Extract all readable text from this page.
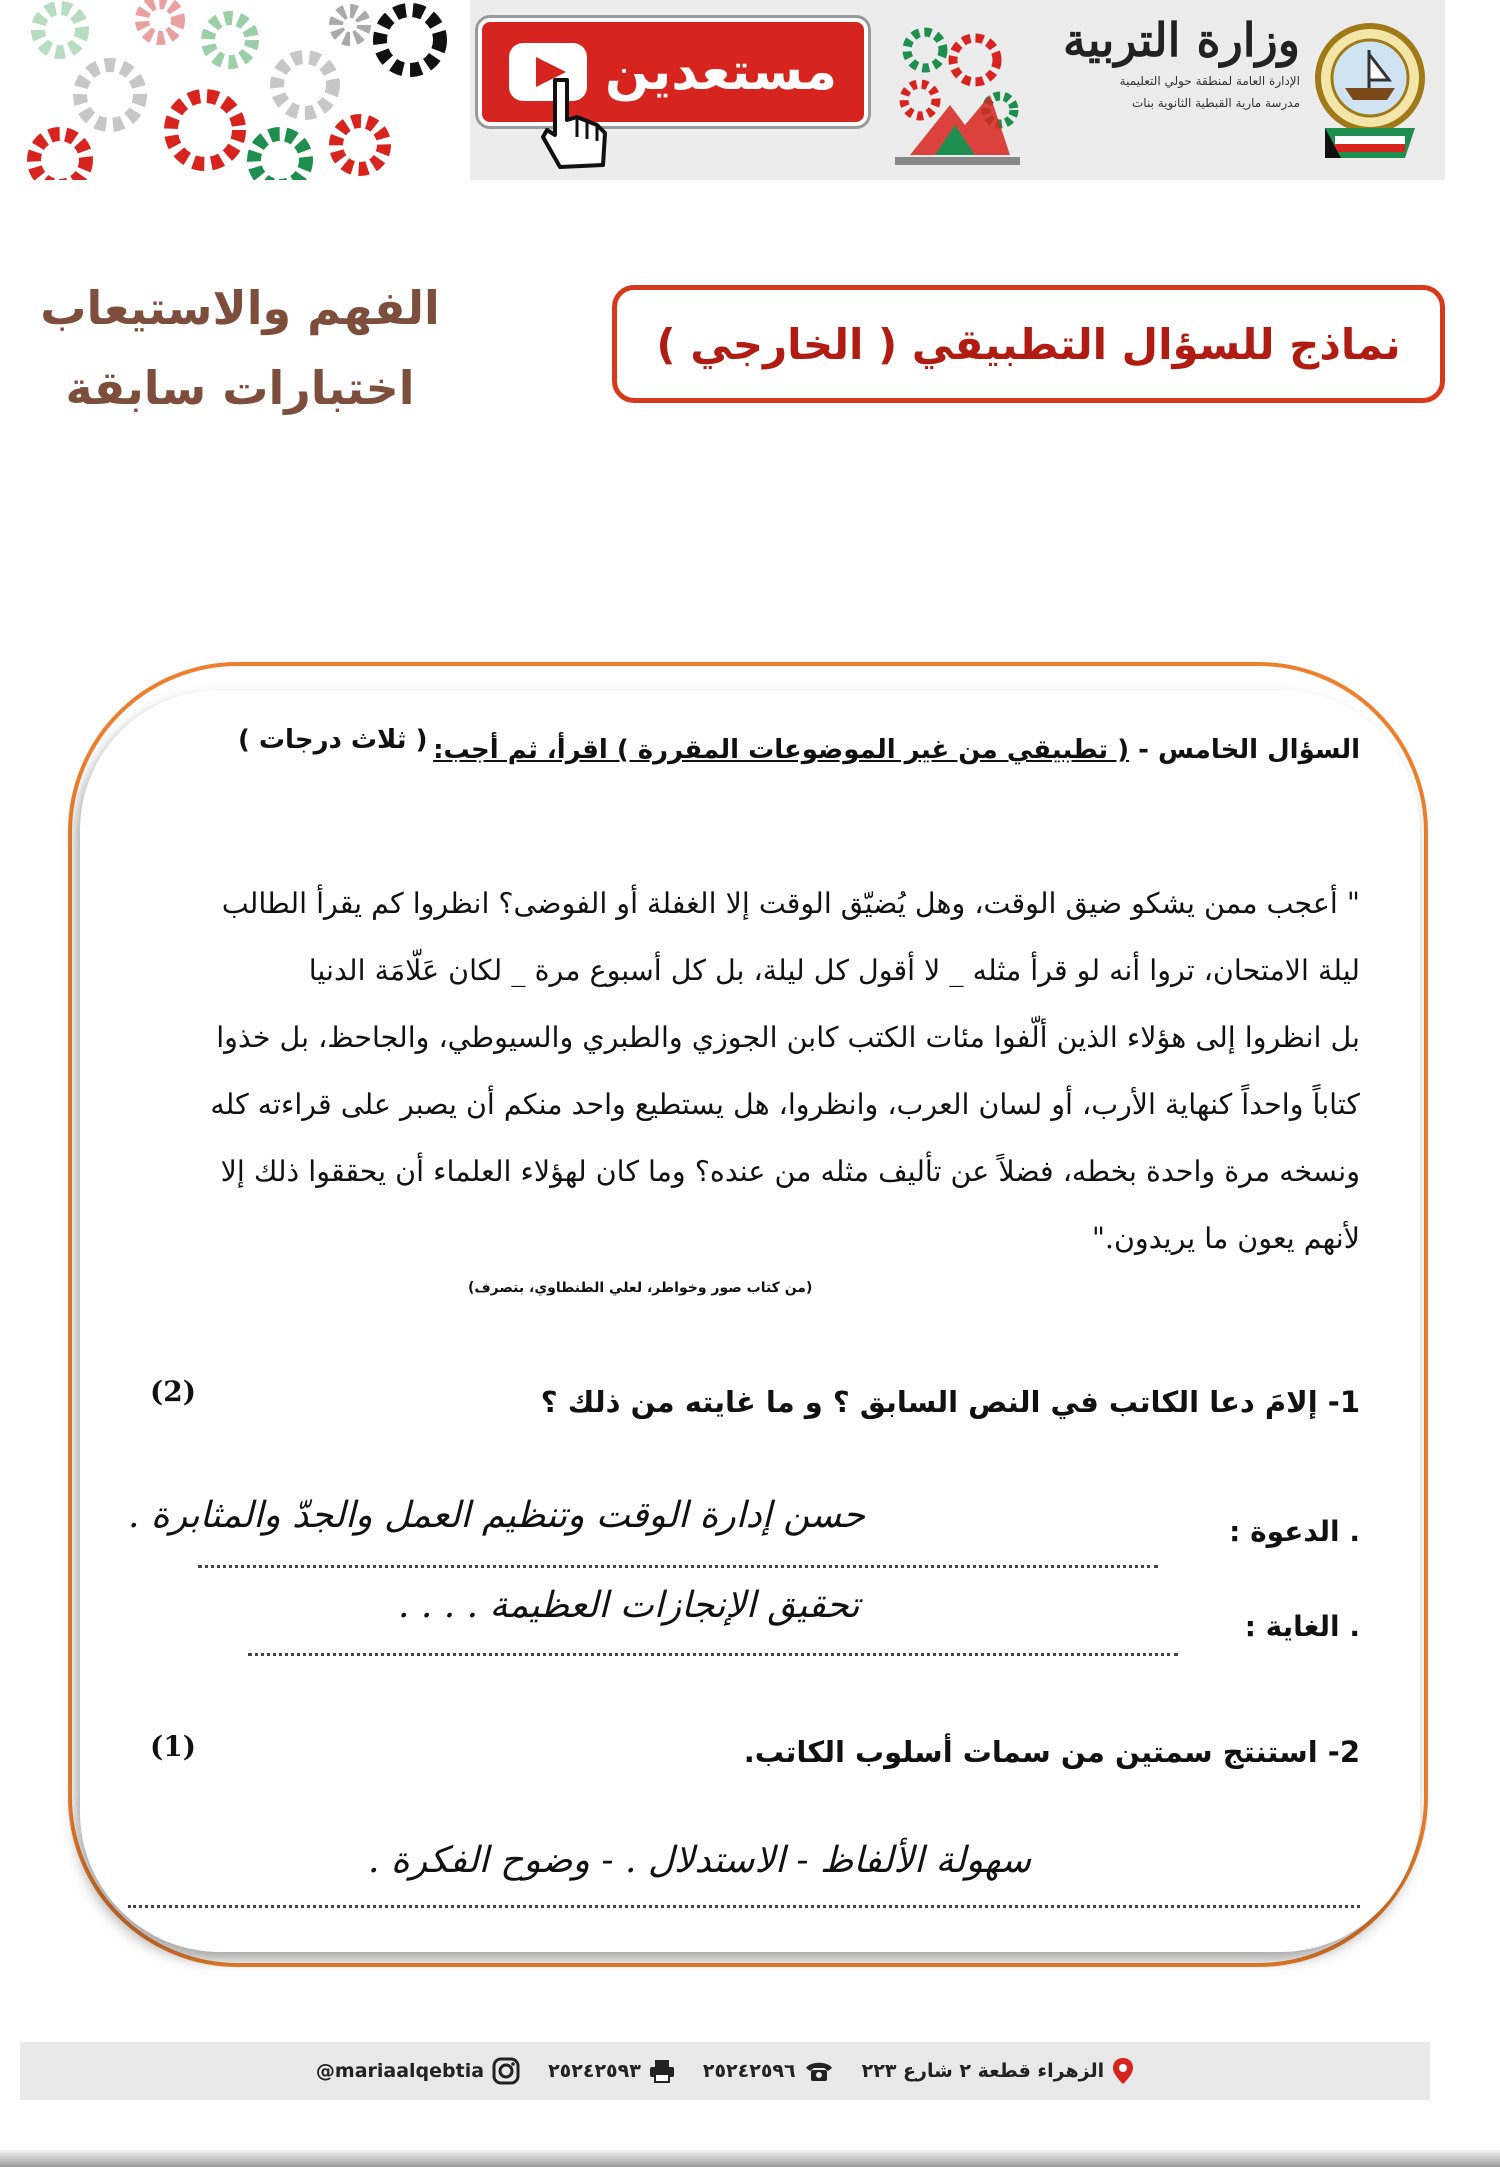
مستعدين
وزارة التربية
الإدارة العامة لمنطقة حولي التعليمية
مدرسة مارية القبطية الثانوية بنات
نماذج للسؤال التطبيقي ( الخارجي )
الفهم والاستيعاب
اختبارات سابقة
السؤال الخامس - ( تطبيقي من غير الموضوعات المقررة ) اقرأ، ثم أجب:
( ثلاث درجات )
" أعجب ممن يشكو ضيق الوقت، وهل يُضيّق الوقت إلا الغفلة أو الفوضى؟ انظروا كم يقرأ الطالب
ليلة الامتحان، تروا أنه لو قرأ مثله _ لا أقول كل ليلة، بل كل أسبوع مرة _ لكان عَلّامَة الدنيا
بل انظروا إلى هؤلاء الذين ألّفوا مئات الكتب كابن الجوزي والطبري والسيوطي، والجاحظ، بل خذوا
كتاباً واحداً كنهاية الأرب، أو لسان العرب، وانظروا، هل يستطيع واحد منكم أن يصبر على قراءته كله
ونسخه مرة واحدة بخطه، فضلاً عن تأليف مثله من عنده؟ وما كان لهؤلاء العلماء أن يحققوا ذلك إلا
لأنهم يعون ما يريدون."
(من كتاب صور وخواطر، لعلي الطنطاوي، بتصرف)
1- إلامَ دعا الكاتب في النص السابق ؟ و ما غايته من ذلك ؟
(2)
. الدعوة :
حسن إدارة الوقت وتنظيم العمل والجدّ والمثابرة .
. الغاية :
تحقيق الإنجازات العظيمة . . . .
2- استنتج سمتين من سمات أسلوب الكاتب.
(1)
سهولة الألفاظ - الاستدلال . - وضوح الفكرة .
الزهراء قطعة ٢ شارع ٢٢٣
٢٥٢٤٢٥٩٦
٢٥٢٤٢٥٩٣
@mariaalqebtia
